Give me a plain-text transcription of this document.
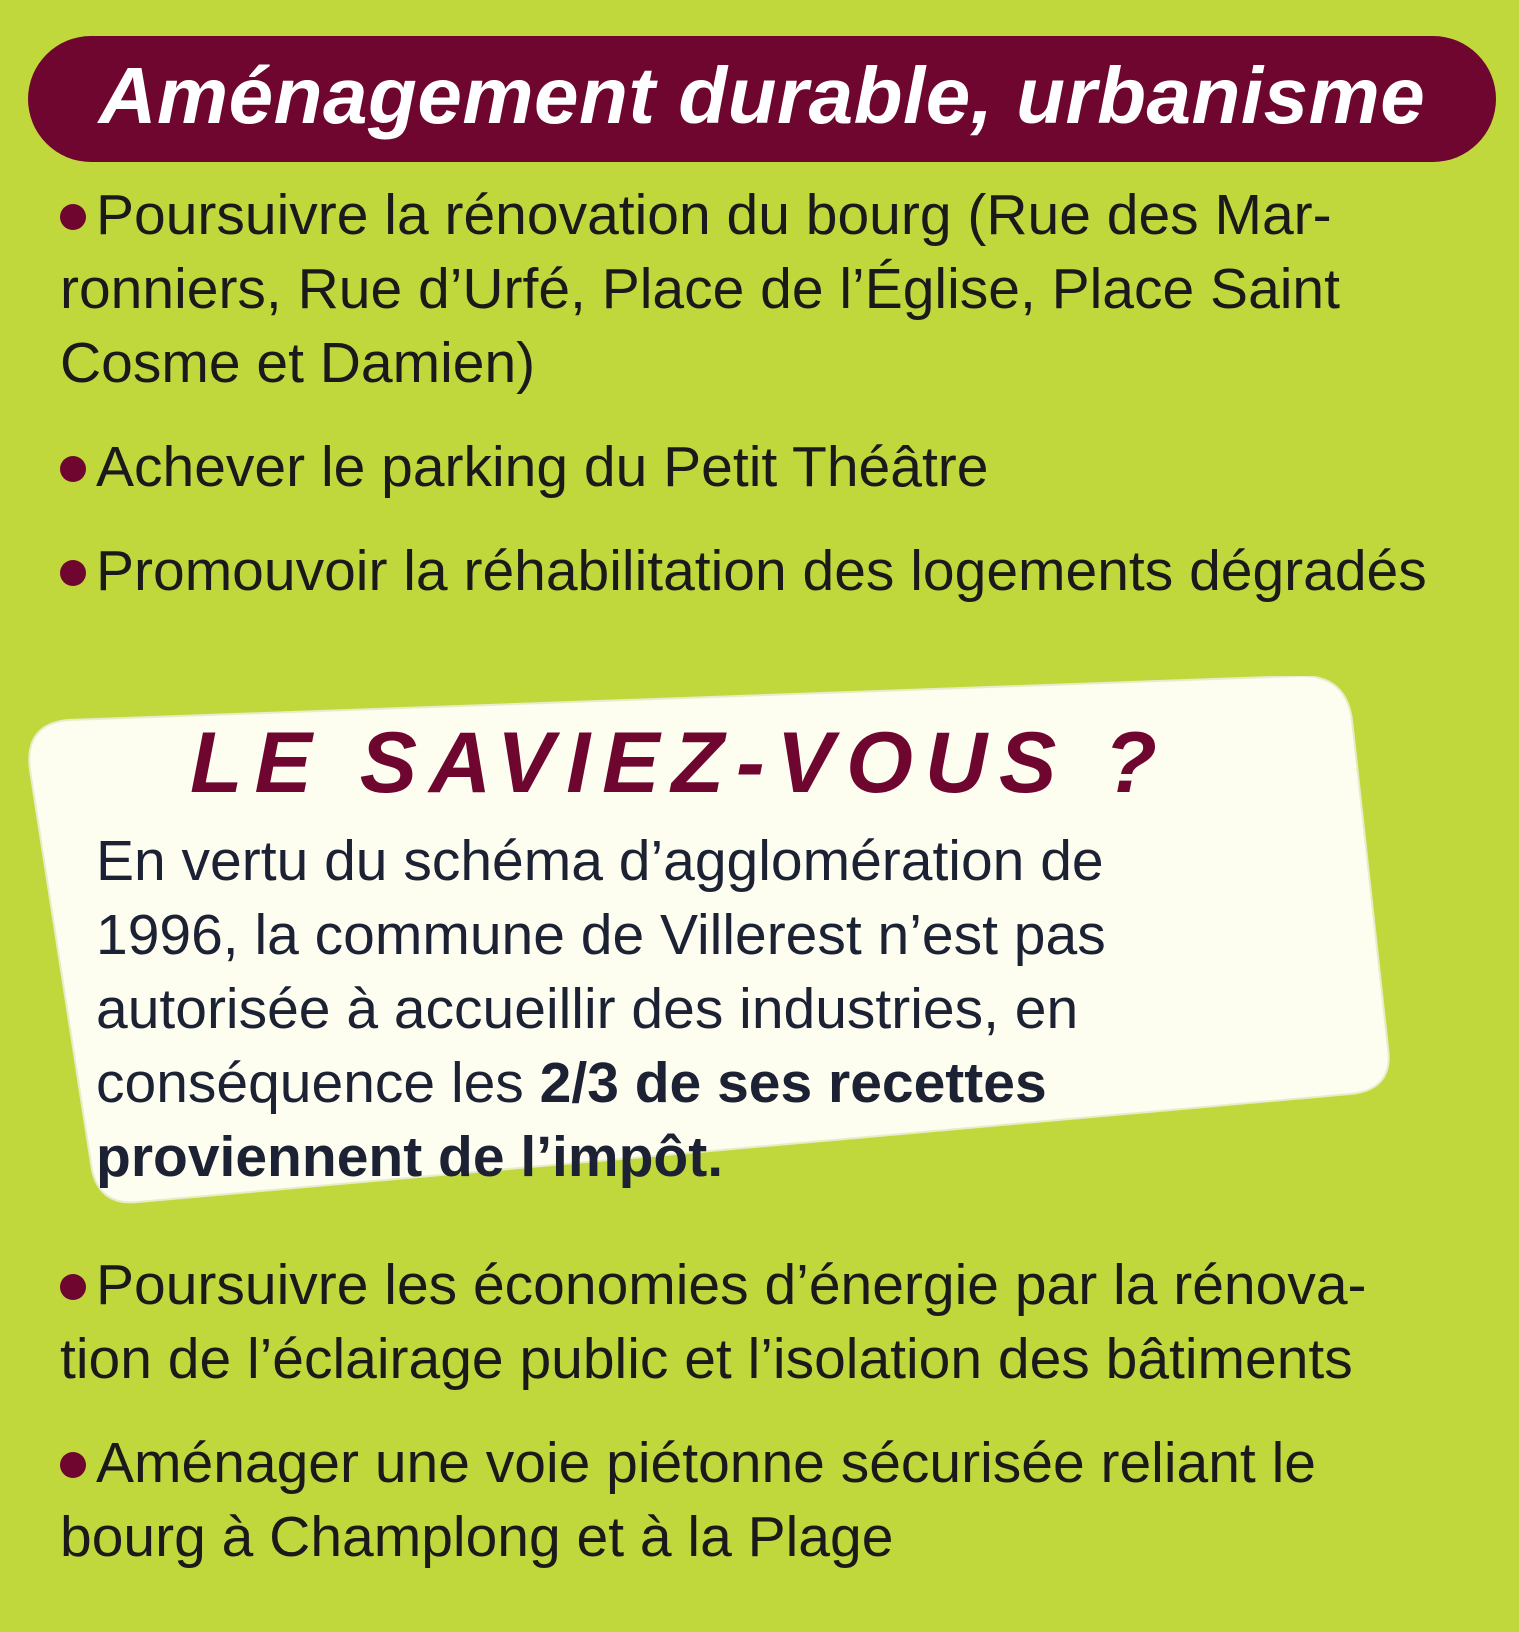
Aménagement durable, urbanisme
Poursuivre la rénovation du bourg (Rue des Mar-
ronniers, Rue d’Urfé, Place de l’Église, Place Saint
Cosme et Damien)
Achever le parking du Petit Théâtre
Promouvoir la réhabilitation des logements dégradés
LE SAVIEZ-VOUS ?
En vertu du schéma d’agglomération de
1996, la commune de Villerest n’est pas
autorisée à accueillir des industries, en
conséquence les 2/3 de ses recettes
proviennent de l’impôt.
Poursuivre les économies d’énergie par la rénova-
tion de l’éclairage public et l’isolation des bâtiments
Aménager une voie piétonne sécurisée reliant le
bourg à Champlong et à la Plage
